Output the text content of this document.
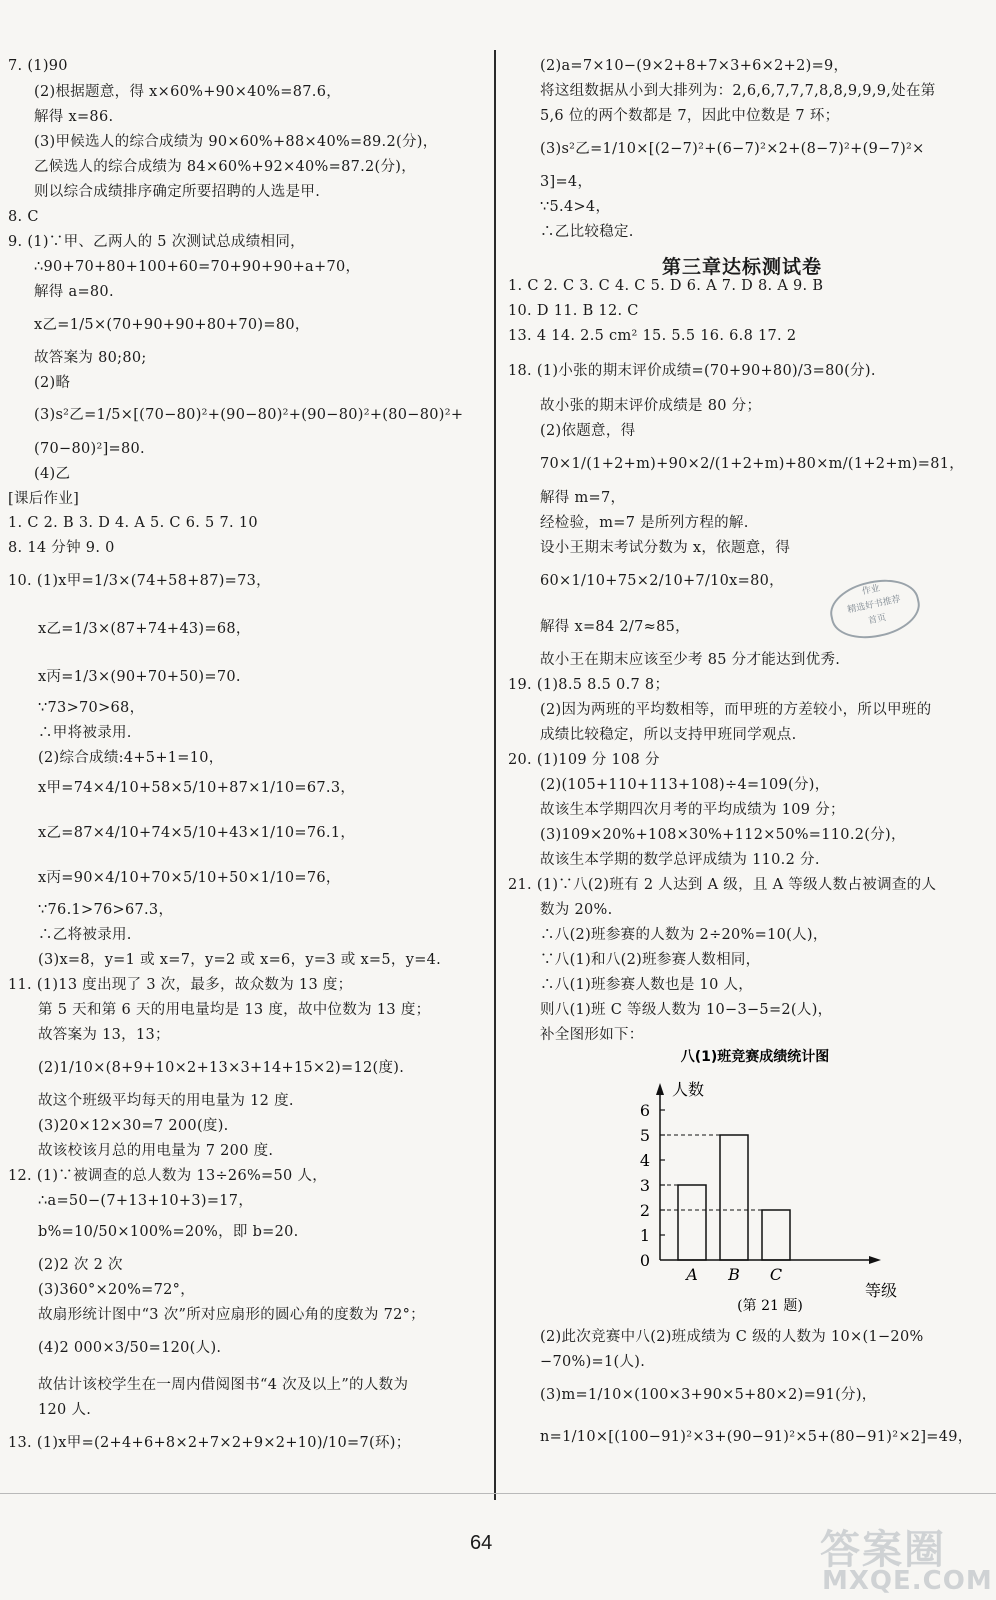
7. (1)90
(2)根据题意，得 x×60%+90×40%=87.6，
解得 x=86.
(3)甲候选人的综合成绩为 90×60%+88×40%=89.2(分)，
乙候选人的综合成绩为 84×60%+92×40%=87.2(分)，
则以综合成绩排序确定所要招聘的人选是甲.
8. C
9. (1)∵甲、乙两人的 5 次测试总成绩相同，
∴90+70+80+100+60=70+90+90+a+70，
解得 a=80.
x乙=1/5×(70+90+90+80+70)=80，
故答案为 80;80;
(2)略
(3)s²乙=1/5×[(70−80)²+(90−80)²+(90−80)²+(80−80)²+
(70−80)²]=80.
(4)乙
[课后作业]
1. C 2. B 3. D 4. A 5. C 6. 5 7. 10
8. 14 分钟 9. 0
10. (1)x甲=1/3×(74+58+87)=73，
x乙=1/3×(87+74+43)=68，
x丙=1/3×(90+70+50)=70.
∵73>70>68，
∴甲将被录用.
(2)综合成绩:4+5+1=10，
x甲=74×4/10+58×5/10+87×1/10=67.3，
x乙=87×4/10+74×5/10+43×1/10=76.1，
x丙=90×4/10+70×5/10+50×1/10=76，
∵76.1>76>67.3，
∴乙将被录用.
(3)x=8，y=1 或 x=7，y=2 或 x=6，y=3 或 x=5，y=4.
11. (1)13 度出现了 3 次，最多，故众数为 13 度；
第 5 天和第 6 天的用电量均是 13 度，故中位数为 13 度；
故答案为 13，13；
(2)1/10×(8+9+10×2+13×3+14+15×2)=12(度).
故这个班级平均每天的用电量为 12 度.
(3)20×12×30=7 200(度).
故该校该月总的用电量为 7 200 度.
12. (1)∵被调查的总人数为 13÷26%=50 人，
∴a=50−(7+13+10+3)=17，
b%=10/50×100%=20%，即 b=20.
(2)2 次 2 次
(3)360°×20%=72°，
故扇形统计图中“3 次”所对应扇形的圆心角的度数为 72°；
(4)2 000×3/50=120(人).
故估计该校学生在一周内借阅图书“4 次及以上”的人数为
120 人.
13. (1)x甲=(2+4+6+8×2+7×2+9×2+10)/10=7(环)；
(2)a=7×10−(9×2+8+7×3+6×2+2)=9，
将这组数据从小到大排列为：2,6,6,7,7,7,8,8,9,9,9,处在第
5,6 位的两个数都是 7，因此中位数是 7 环；
(3)s²乙=1/10×[(2−7)²+(6−7)²×2+(8−7)²+(9−7)²×
3]=4，
∵5.4>4，
∴乙比较稳定.
1. C 2. C 3. C 4. C 5. D 6. A 7. D 8. A 9. B
10. D 11. B 12. C
13. 4 14. 2.5 cm² 15. 5.5 16. 6.8 17. 2
18. (1)小张的期末评价成绩=(70+90+80)/3=80(分).
故小张的期末评价成绩是 80 分；
(2)依题意，得
70×1/(1+2+m)+90×2/(1+2+m)+80×m/(1+2+m)=81，
解得 m=7，
经检验，m=7 是所列方程的解.
设小王期末考试分数为 x，依题意，得
60×1/10+75×2/10+7/10x=80，
解得 x=84 2/7≈85，
故小王在期末应该至少考 85 分才能达到优秀.
19. (1)8.5 8.5 0.7 8；
(2)因为两班的平均数相等，而甲班的方差较小，所以甲班的
成绩比较稳定，所以支持甲班同学观点.
20. (1)109 分 108 分
(2)(105+110+113+108)÷4=109(分)，
故该生本学期四次月考的平均成绩为 109 分；
(3)109×20%+108×30%+112×50%=110.2(分)，
故该生本学期的数学总评成绩为 110.2 分.
21. (1)∵八(2)班有 2 人达到 A 级，且 A 等级人数占被调查的人
数为 20%.
∴八(2)班参赛的人数为 2÷20%=10(人)，
∵八(1)和八(2)班参赛人数相同，
∴八(1)班参赛人数也是 10 人，
则八(1)班 C 等级人数为 10−3−5=2(人)，
补全图形如下：
(2)此次竞赛中八(2)班成绩为 C 级的人数为 10×(1−20%
−70%)=1(人).
(3)m=1/10×(100×3+90×5+80×2)=91(分)，
n=1/10×[(100−91)²×3+(90−91)²×5+(80−91)²×2]=49，
第三章达标测试卷
八(1)班竞赛成绩统计图
人数
等级
0
1
2
3
4
5
6
A B C
(第 21 题)
作业
精选好书推荐
首页
64	答案圈
MXQE.COM
